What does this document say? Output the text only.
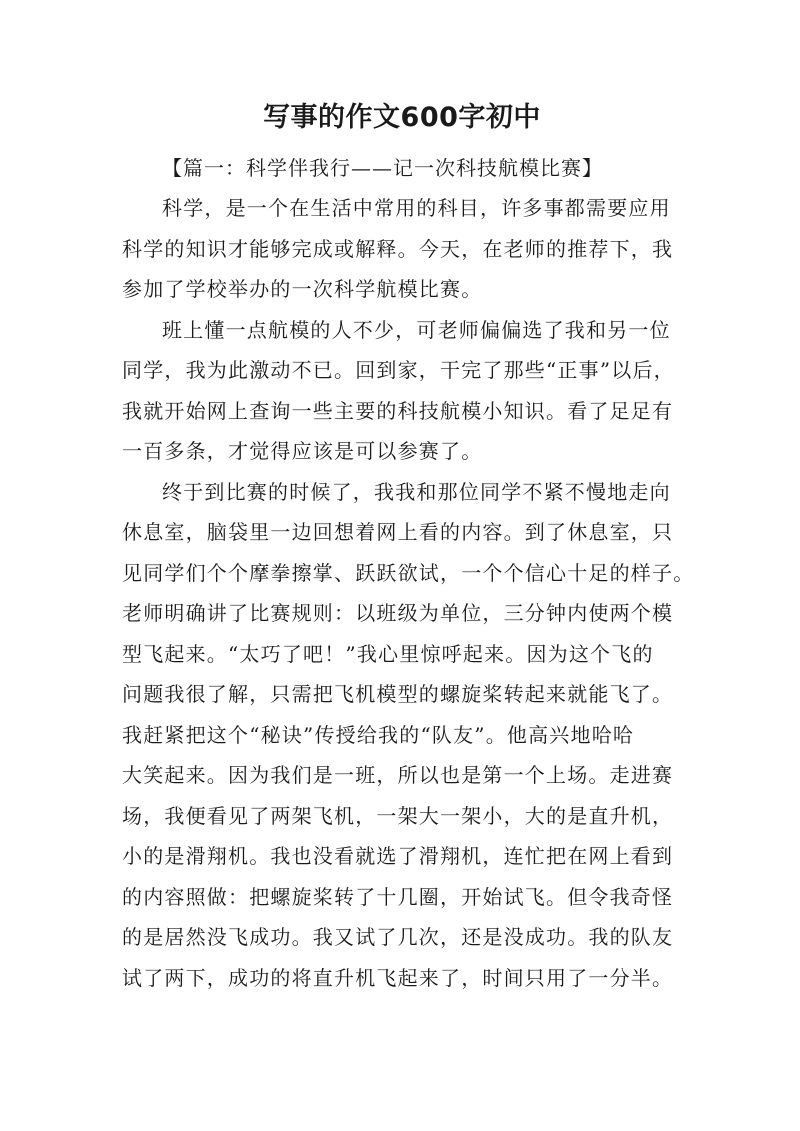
写事的作文600字初中

【篇一：科学伴我行——记一次科技航模比赛】

科学，是一个在生活中常用的科目，许多事都需要应用
科学的知识才能够完成或解释。今天，在老师的推荐下，我
参加了学校举办的一次科学航模比赛。

班上懂一点航模的人不少，可老师偏偏选了我和另一位
同学，我为此激动不已。回到家，干完了那些“正事”以后，
我就开始网上查询一些主要的科技航模小知识。看了足足有
一百多条，才觉得应该是可以参赛了。

终于到比赛的时候了，我我和那位同学不紧不慢地走向
休息室，脑袋里一边回想着网上看的内容。到了休息室，只
见同学们个个摩拳擦掌、跃跃欲试，一个个信心十足的样子。
老师明确讲了比赛规则：以班级为单位，三分钟内使两个模
型飞起来。“太巧了吧！”我心里惊呼起来。因为这个飞的
问题我很了解，只需把飞机模型的螺旋桨转起来就能飞了。
我赶紧把这个“秘诀”传授给我的“队友”。他高兴地哈哈
大笑起来。因为我们是一班，所以也是第一个上场。走进赛
场，我便看见了两架飞机，一架大一架小，大的是直升机，
小的是滑翔机。我也没看就选了滑翔机，连忙把在网上看到
的内容照做：把螺旋桨转了十几圈，开始试飞。但令我奇怪
的是居然没飞成功。我又试了几次，还是没成功。我的队友
试了两下，成功的将直升机飞起来了，时间只用了一分半。
